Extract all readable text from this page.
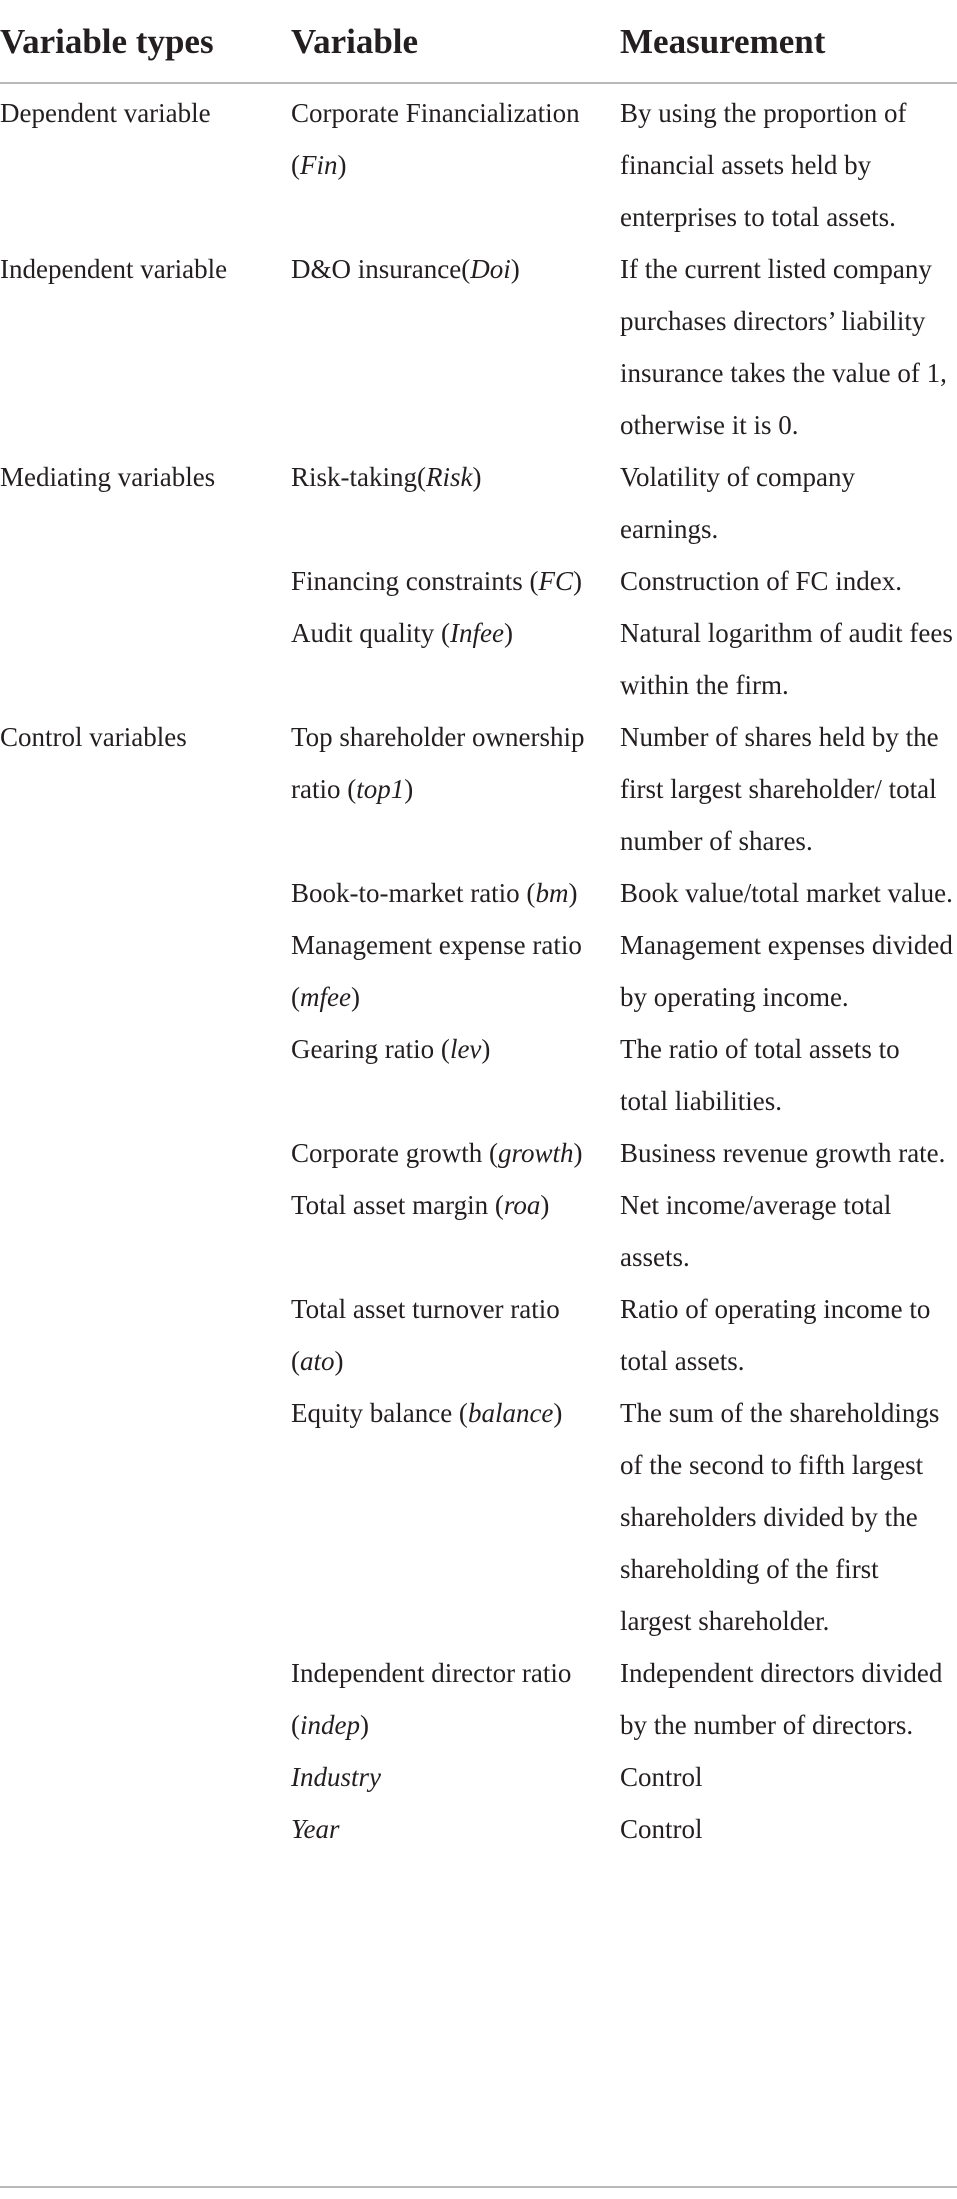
Variable types	Variable	Measurement
Dependent variable	Corporate Financialization (Fin)	By using the proportion of financial assets held by enterprises to total assets.
Independent variable	D&O insurance(Doi)	If the current listed company purchases directors’ liability insurance takes the value of 1, otherwise it is 0.
Mediating variables	Risk-taking(Risk)	Volatility of company earnings.
	Financing constraints (FC)	Construction of FC index.
	Audit quality (Infee)	Natural logarithm of audit fees within the firm.
Control variables	Top shareholder ownership ratio (top1)	Number of shares held by the first largest shareholder/ total number of shares.
	Book-to-market ratio (bm)	Book value/total market value.
	Management expense ratio (mfee)	Management expenses divided by operating income.
	Gearing ratio (lev)	The ratio of total assets to total liabilities.
	Corporate growth (growth)	Business revenue growth rate.
	Total asset margin (roa)	Net income/average total assets.
	Total asset turnover ratio (ato)	Ratio of operating income to total assets.
	Equity balance (balance)	The sum of the shareholdings of the second to fifth largest shareholders divided by the shareholding of the first largest shareholder.
	Independent director ratio (indep)	Independent directors divided by the number of directors.
	Industry	Control
	Year	Control
